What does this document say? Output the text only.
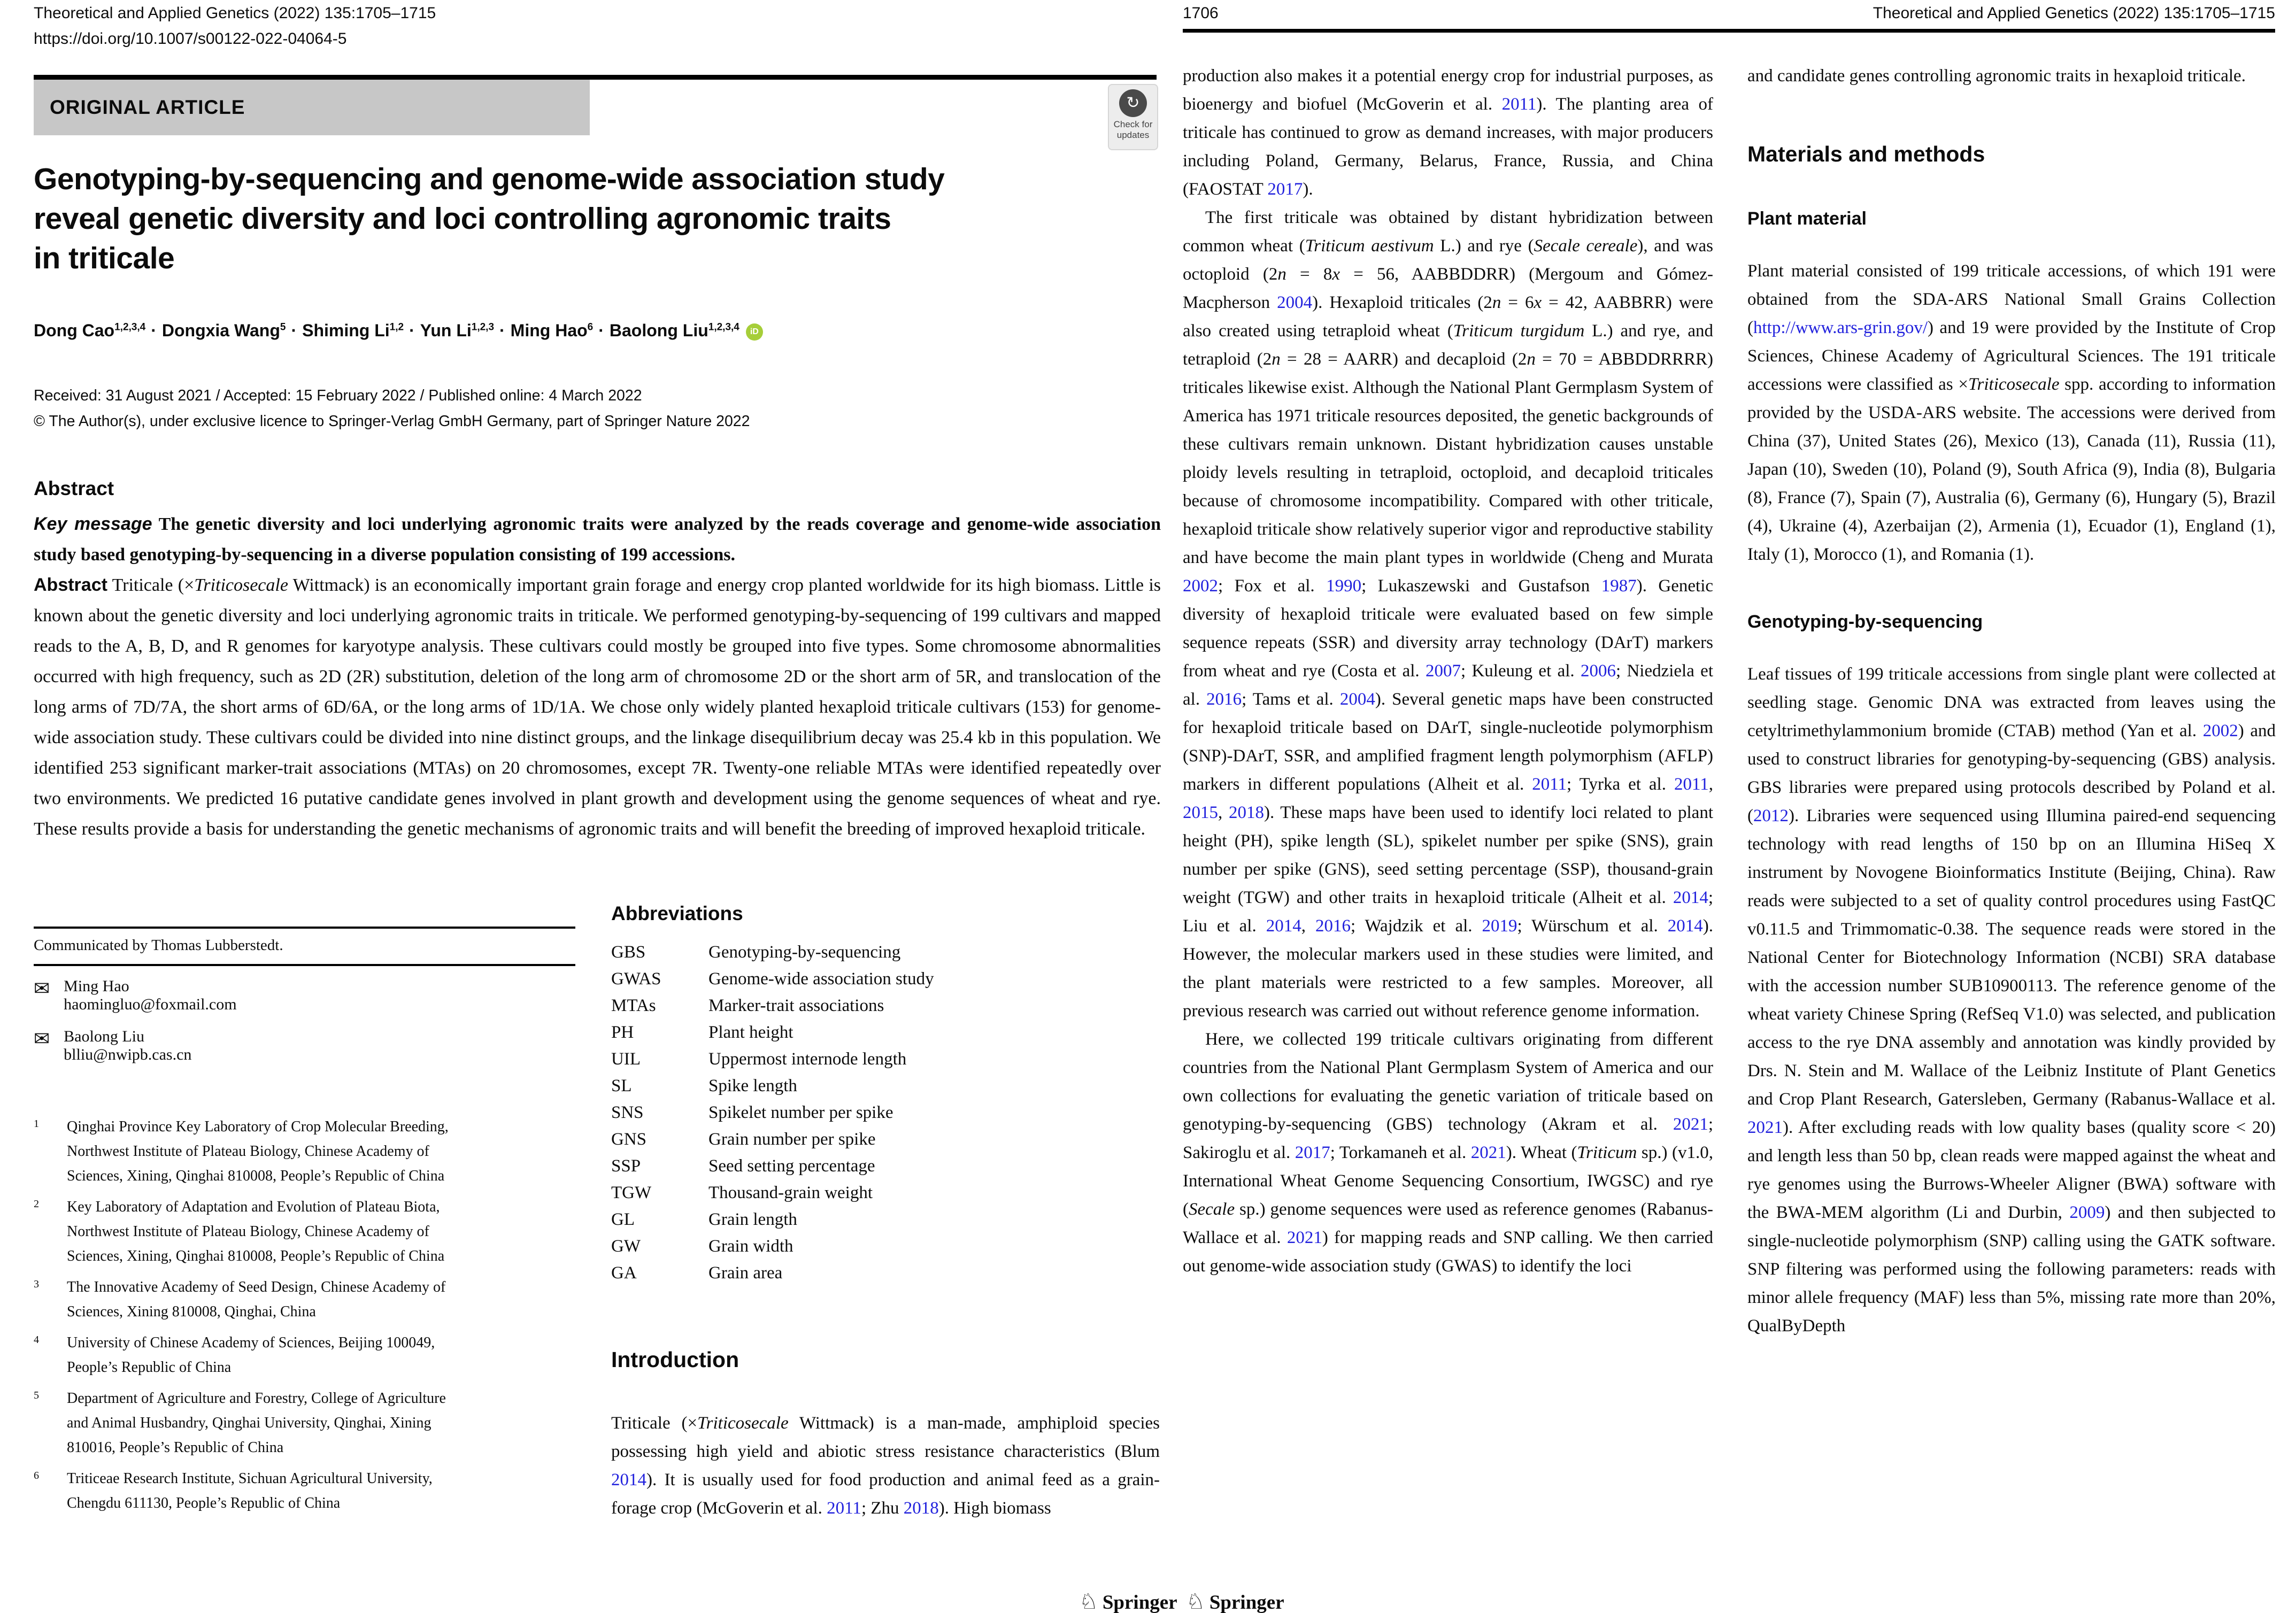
Theoretical and Applied Genetics (2022) 135:1705–1715
https://doi.org/10.1007/s00122-022-04064-5
ORIGINAL ARTICLE	↻
Check for
updates
Genotyping-by-sequencing and genome-wide association study
reveal genetic diversity and loci controlling agronomic traits
in triticale
Dong Cao$^{1,2,3,4}$ · Dongxia Wang$^5$ · Shiming Li$^{1,2}$ · Yun Li$^{1,2,3}$ · Ming Hao$^6$ · Baolong Liu$^{1,2,3,4}$ iD
Received: 31 August 2021 / Accepted: 15 February 2022 / Published online: 4 March 2022
© The Author(s), under exclusive licence to Springer-Verlag GmbH Germany, part of Springer Nature 2022
Abstract
Key message The genetic diversity and loci underlying agronomic traits were analyzed by the reads coverage and genome-wide association study based genotyping-by-sequencing in a diverse population consisting of 199 accessions.
Abstract Triticale (×Triticosecale Wittmack) is an economically important grain forage and energy crop planted worldwide for its high biomass. Little is known about the genetic diversity and loci underlying agronomic traits in triticale. We performed genotyping-by-sequencing of 199 cultivars and mapped reads to the A, B, D, and R genomes for karyotype analysis. These cultivars could mostly be grouped into five types. Some chromosome abnormalities occurred with high frequency, such as 2D (2R) substitution, deletion of the long arm of chromosome 2D or the short arm of 5R, and translocation of the long arms of 7D/7A, the short arms of 6D/6A, or the long arms of 1D/1A. We chose only widely planted hexaploid triticale cultivars (153) for genome-wide association study. These cultivars could be divided into nine distinct groups, and the linkage disequilibrium decay was 25.4 kb in this population. We identified 253 significant marker-trait associations (MTAs) on 20 chromosomes, except 7R. Twenty-one reliable MTAs were identified repeatedly over two environments. We predicted 16 putative candidate genes involved in plant growth and development using the genome sequences of wheat and rye. These results provide a basis for understanding the genetic mechanisms of agronomic traits and will benefit the breeding of improved hexaploid triticale.
Communicated by Thomas Lubberstedt.
✉ Ming Hao
haomingluo@foxmail.com
✉ Baolong Liu
blliu@nwipb.cas.cn
1	Qinghai Province Key Laboratory of Crop Molecular Breeding, Northwest Institute of Plateau Biology, Chinese Academy of Sciences, Xining, Qinghai 810008, People’s Republic of China
2	Key Laboratory of Adaptation and Evolution of Plateau Biota, Northwest Institute of Plateau Biology, Chinese Academy of Sciences, Xining, Qinghai 810008, People’s Republic of China
3	The Innovative Academy of Seed Design, Chinese Academy of Sciences, Xining 810008, Qinghai, China
4	University of Chinese Academy of Sciences, Beijing 100049, People’s Republic of China
5	Department of Agriculture and Forestry, College of Agriculture and Animal Husbandry, Qinghai University, Qinghai, Xining 810016, People’s Republic of China
6	Triticeae Research Institute, Sichuan Agricultural University, Chengdu 611130, People’s Republic of China
Abbreviations
GBS	Genotyping-by-sequencing
GWAS	Genome-wide association study
MTAs	Marker-trait associations
PH	Plant height
UIL	Uppermost internode length
SL	Spike length
SNS	Spikelet number per spike
GNS	Grain number per spike
SSP	Seed setting percentage
TGW	Thousand-grain weight
GL	Grain length
GW	Grain width
GA	Grain area
Introduction
Triticale (×Triticosecale Wittmack) is a man-made, amphiploid species possessing high yield and abiotic stress resistance characteristics (Blum 2014). It is usually used for food production and animal feed as a grain-forage crop (McGoverin et al. 2011; Zhu 2018). High biomass
1706	Theoretical and Applied Genetics (2022) 135:1705–1715

production also makes it a potential energy crop for industrial purposes, as bioenergy and biofuel (McGoverin et al. 2011). The planting area of triticale has continued to grow as demand increases, with major producers including Poland, Germany, Belarus, France, Russia, and China (FAOSTAT 2017).

The first triticale was obtained by distant hybridization between common wheat (Triticum aestivum L.) and rye (Secale cereale), and was octoploid (2n = 8x = 56, AABBDDRR) (Mergoum and Gómez-Macpherson 2004). Hexaploid triticales (2n = 6x = 42, AABBRR) were also created using tetraploid wheat (Triticum turgidum L.) and rye, and tetraploid (2n = 28 = AARR) and decaploid (2n = 70 = ABBDDRRRR) triticales likewise exist. Although the National Plant Germplasm System of America has 1971 triticale resources deposited, the genetic backgrounds of these cultivars remain unknown. Distant hybridization causes unstable ploidy levels resulting in tetraploid, octoploid, and decaploid triticales because of chromosome incompatibility. Compared with other triticale, hexaploid triticale show relatively superior vigor and reproductive stability and have become the main plant types in worldwide (Cheng and Murata 2002; Fox et al. 1990; Lukaszewski and Gustafson 1987). Genetic diversity of hexaploid triticale were evaluated based on few simple sequence repeats (SSR) and diversity array technology (DArT) markers from wheat and rye (Costa et al. 2007; Kuleung et al. 2006; Niedziela et al. 2016; Tams et al. 2004). Several genetic maps have been constructed for hexaploid triticale based on DArT, single-nucleotide polymorphism (SNP)-DArT, SSR, and amplified fragment length polymorphism (AFLP) markers in different populations (Alheit et al. 2011; Tyrka et al. 2011, 2015, 2018). These maps have been used to identify loci related to plant height (PH), spike length (SL), spikelet number per spike (SNS), grain number per spike (GNS), seed setting percentage (SSP), thousand-grain weight (TGW) and other traits in hexaploid triticale (Alheit et al. 2014; Liu et al. 2014, 2016; Wajdzik et al. 2019; Würschum et al. 2014). However, the molecular markers used in these studies were limited, and the plant materials were restricted to a few samples. Moreover, all previous research was carried out without reference genome information.

Here, we collected 199 triticale cultivars originating from different countries from the National Plant Germplasm System of America and our own collections for evaluating the genetic variation of triticale based on genotyping-by-sequencing (GBS) technology (Akram et al. 2021; Sakiroglu et al. 2017; Torkamaneh et al. 2021). Wheat (Triticum sp.) (v1.0, International Wheat Genome Sequencing Consortium, IWGSC) and rye (Secale sp.) genome sequences were used as reference genomes (Rabanus-Wallace et al. 2021) for mapping reads and SNP calling. We then carried out genome-wide association study (GWAS) to identify the loci

and candidate genes controlling agronomic traits in hexaploid triticale.
Materials and methods
Plant material
Plant material consisted of 199 triticale accessions, of which 191 were obtained from the SDA-ARS National Small Grains Collection (http://www.ars-grin.gov/) and 19 were provided by the Institute of Crop Sciences, Chinese Academy of Agricultural Sciences. The 191 triticale accessions were classified as ×Triticosecale spp. according to information provided by the USDA-ARS website. The accessions were derived from China (37), United States (26), Mexico (13), Canada (11), Russia (11), Japan (10), Sweden (10), Poland (9), South Africa (9), India (8), Bulgaria (8), France (7), Spain (7), Australia (6), Germany (6), Hungary (5), Brazil (4), Ukraine (4), Azerbaijan (2), Armenia (1), Ecuador (1), England (1), Italy (1), Morocco (1), and Romania (1).
Genotyping-by-sequencing
Leaf tissues of 199 triticale accessions from single plant were collected at seedling stage. Genomic DNA was extracted from leaves using the cetyltrimethylammonium bromide (CTAB) method (Yan et al. 2002) and used to construct libraries for genotyping-by-sequencing (GBS) analysis. GBS libraries were prepared using protocols described by Poland et al. (2012). Libraries were sequenced using Illumina paired-end sequencing technology with read lengths of 150 bp on an Illumina HiSeq X instrument by Novogene Bioinformatics Institute (Beijing, China). Raw reads were subjected to a set of quality control procedures using FastQC v0.11.5 and Trimmomatic-0.38. The sequence reads were stored in the National Center for Biotechnology Information (NCBI) SRA database with the accession number SUB10900113. The reference genome of the wheat variety Chinese Spring (RefSeq V1.0) was selected, and publication access to the rye DNA assembly and annotation was kindly provided by Drs. N. Stein and M. Wallace of the Leibniz Institute of Plant Genetics and Crop Plant Research, Gatersleben, Germany (Rabanus-Wallace et al. 2021). After excluding reads with low quality bases (quality score < 20) and length less than 50 bp, clean reads were mapped against the wheat and rye genomes using the Burrows-Wheeler Aligner (BWA) software with the BWA-MEM algorithm (Li and Durbin, 2009) and then subjected to single-nucleotide polymorphism (SNP) calling using the GATK software. SNP filtering was performed using the following parameters: reads with minor allele frequency (MAF) less than 5%, missing rate more than 20%, QualByDepth
♘ Springer ♘ Springer
